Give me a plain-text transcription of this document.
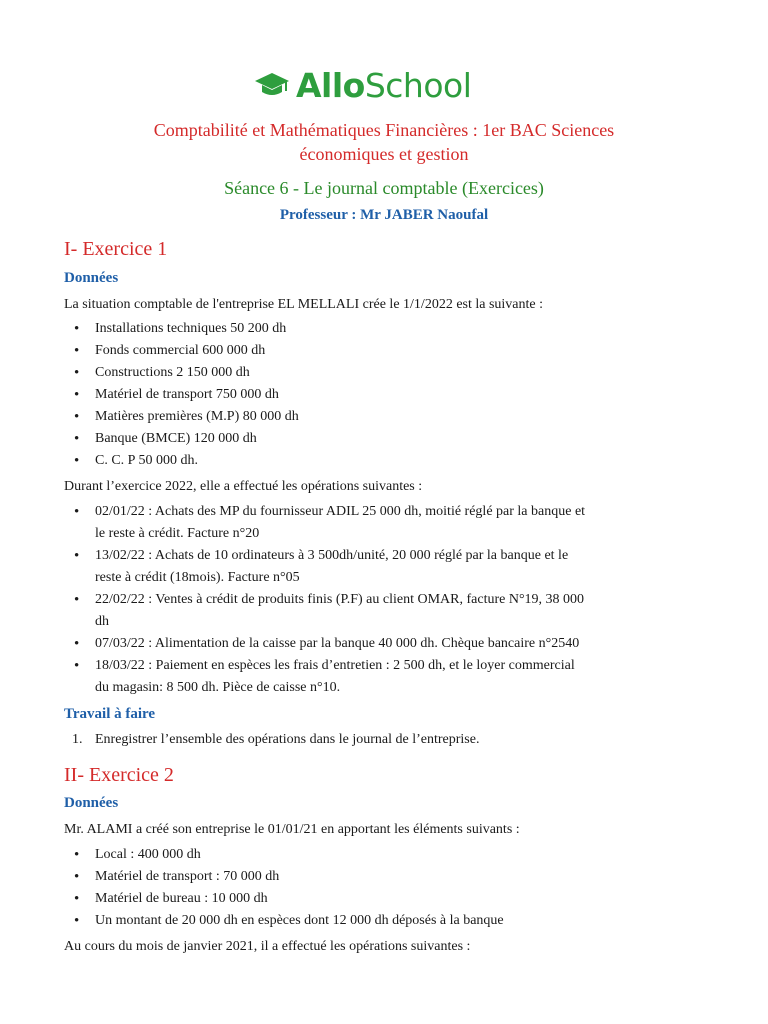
AlloSchool
Comptabilité et Mathématiques Financières : 1er BAC Sciences
économiques et gestion
Séance 6 - Le journal comptable (Exercices)
Professeur : Mr JABER Naoufal
I- Exercice 1
Données
La situation comptable de l'entreprise EL MELLALI crée le 1/1/2022 est la suivante :
• Installations techniques 50 200 dh
• Fonds commercial 600 000 dh
• Constructions 2 150 000 dh
• Matériel de transport 750 000 dh
• Matières premières (M.P) 80 000 dh
• Banque (BMCE) 120 000 dh
• C. C. P 50 000 dh.
Durant l’exercice 2022, elle a effectué les opérations suivantes :
• 02/01/22 : Achats des MP du fournisseur ADIL 25 000 dh, moitié réglé par la banque et
le reste à crédit. Facture n°20
• 13/02/22 : Achats de 10 ordinateurs à 3 500dh/unité, 20 000 réglé par la banque et le
reste à crédit (18mois). Facture n°05
• 22/02/22 : Ventes à crédit de produits finis (P.F) au client OMAR, facture N°19, 38 000
dh
• 07/03/22 : Alimentation de la caisse par la banque 40 000 dh. Chèque bancaire n°2540
• 18/03/22 : Paiement en espèces les frais d’entretien : 2 500 dh, et le loyer commercial
du magasin: 8 500 dh. Pièce de caisse n°10.
Travail à faire
1. Enregistrer l’ensemble des opérations dans le journal de l’entreprise.
II- Exercice 2
Données
Mr. ALAMI a créé son entreprise le 01/01/21 en apportant les éléments suivants :
• Local : 400 000 dh
• Matériel de transport : 70 000 dh
• Matériel de bureau : 10 000 dh
• Un montant de 20 000 dh en espèces dont 12 000 dh déposés à la banque
Au cours du mois de janvier 2021, il a effectué les opérations suivantes :
